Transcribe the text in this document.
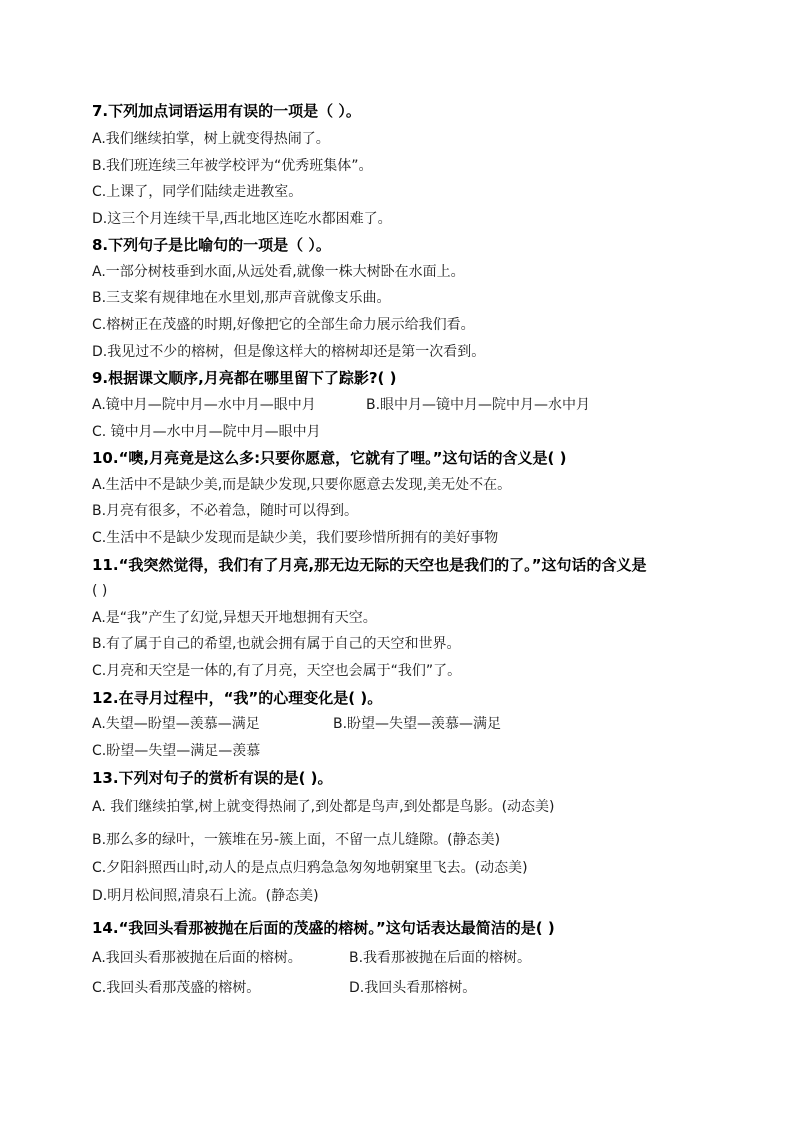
7.下列加点词语运用有误的一项是（ ）。
A.我们继续拍掌，树上就变得热闹了。
B.我们班连续三年被学校评为“优秀班集体”。
C.上课了，同学们陆续走进教室。
D.这三个月连续干旱,西北地区连吃水都困难了。
8.下列句子是比喻句的一项是（ ）。
A.一部分树枝垂到水面,从远处看,就像一株大树卧在水面上。
B.三支桨有规律地在水里划,那声音就像支乐曲。
C.榕树正在茂盛的时期,好像把它的全部生命力展示给我们看。
D.我见过不少的榕树，但是像这样大的榕树却还是第一次看到。
9.根据课文顺序,月亮都在哪里留下了踪影?( )
A.镜中月—院中月—水中月—眼中月	B.眼中月—镜中月—院中月—水中月
C. 镜中月—水中月—院中月—眼中月
10.“噢,月亮竟是这么多:只要你愿意，它就有了哩。”这句话的含义是( )
A.生活中不是缺少美,而是缺少发现,只要你愿意去发现,美无处不在。
B.月亮有很多，不必着急，随时可以得到。
C.生活中不是缺少发现而是缺少美，我们要珍惜所拥有的美好事物
11.“我突然觉得，我们有了月亮,那无边无际的天空也是我们的了。”这句话的含义是
( )
A.是“我”产生了幻觉,异想天开地想拥有天空。
B.有了属于自己的希望,也就会拥有属于自己的天空和世界。
C.月亮和天空是一体的,有了月亮，天空也会属于“我们”了。
12.在寻月过程中，“我”的心理变化是( )。
A.失望—盼望—羡慕—满足	B.盼望—失望—羡慕—满足
C.盼望—失望—满足—羡慕
13.下列对句子的赏析有误的是( )。
A. 我们继续拍掌,树上就变得热闹了,到处都是鸟声,到处都是鸟影。(动态美)
B.那么多的绿叶，一簇堆在另-簇上面，不留一点儿缝隙。(静态美)
C.夕阳斜照西山时,动人的是点点归鸦急急匆匆地朝窠里飞去。(动态美)
D.明月松间照,清泉石上流。(静态美)
14.“我回头看那被抛在后面的茂盛的榕树。”这句话表达最简洁的是( )
A.我回头看那被抛在后面的榕树。	B.我看那被抛在后面的榕树。
C.我回头看那茂盛的榕树。	D.我回头看那榕树。
